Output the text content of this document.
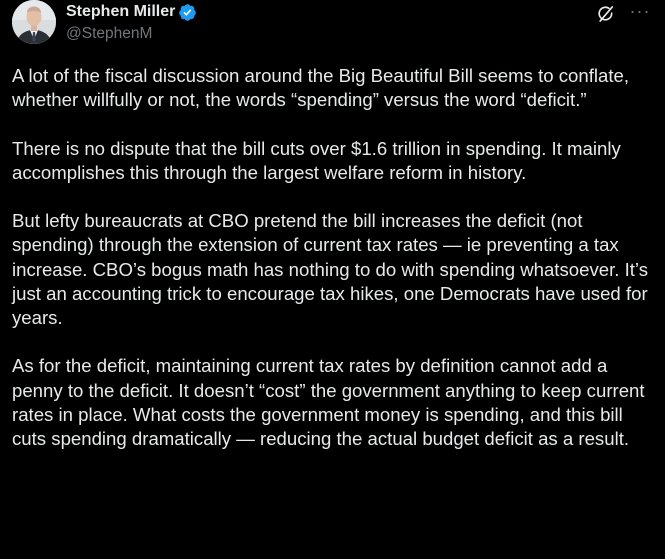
Stephen Miller
@StephenM
···

A lot of the fiscal discussion around the Big Beautiful Bill seems to conflate, whether willfully or not, the words “spending” versus the word “deficit.”

There is no dispute that the bill cuts over $1.6 trillion in spending. It mainly accomplishes this through the largest welfare reform in history.

But lefty bureaucrats at CBO pretend the bill increases the deficit (not spending) through the extension of current tax rates — ie preventing a tax increase. CBO’s bogus math has nothing to do with spending whatsoever. It’s just an accounting trick to encourage tax hikes, one Democrats have used for years.

As for the deficit, maintaining current tax rates by definition cannot add a penny to the deficit. It doesn’t “cost” the government anything to keep current rates in place. What costs the government money is spending, and this bill cuts spending dramatically — reducing the actual budget deficit as a result.
